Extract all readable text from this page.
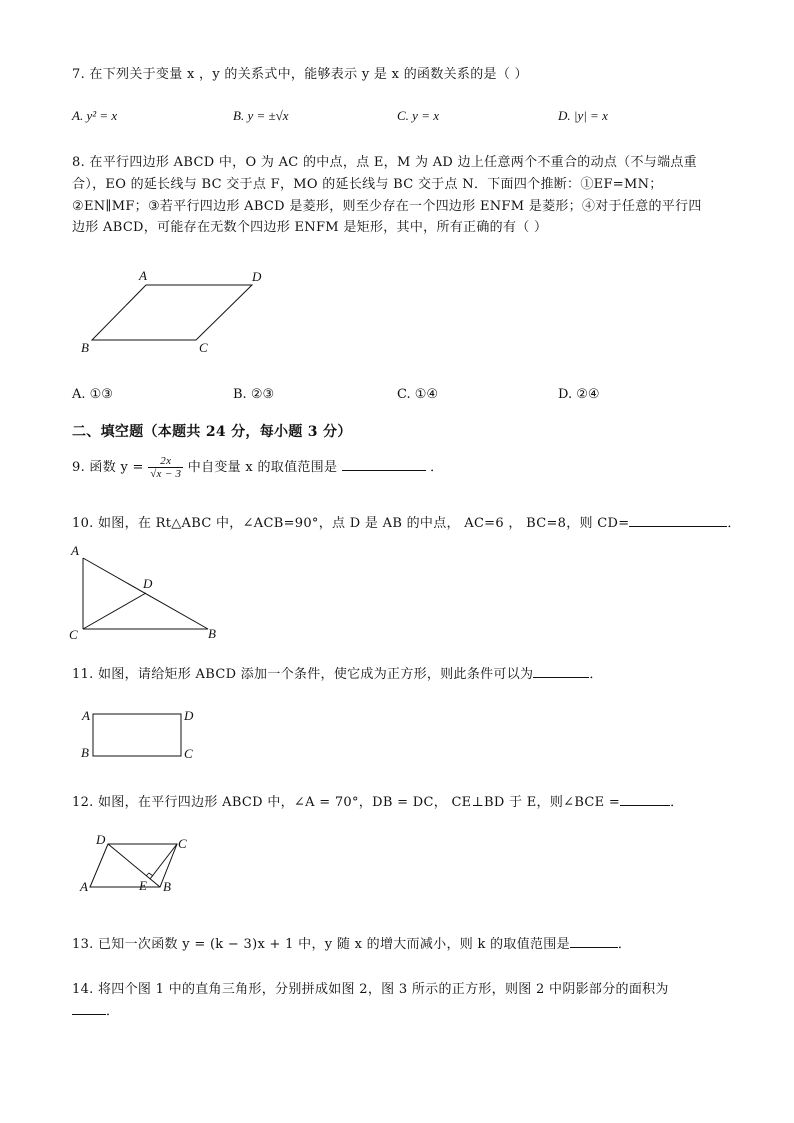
7. 在下列关于变量 x ，y 的关系式中，能够表示 y 是 x 的函数关系的是（ ）
A. y² = x	B. y = ±√x	C. y = x	D. |y| = x
8. 在平行四边形 ABCD 中，O 为 AC 的中点，点 E，M 为 AD 边上任意两个不重合的动点（不与端点重
合），EO 的延长线与 BC 交于点 F，MO 的延长线与 BC 交于点 N．下面四个推断：①EF=MN；
②EN∥MF；③若平行四边形 ABCD 是菱形，则至少存在一个四边形 ENFM 是菱形；④对于任意的平行四
边形 ABCD，可能存在无数个四边形 ENFM 是矩形，其中，所有正确的有（ ）
A	D
B	C
A. ①③	B. ②③	C. ①④	D. ②④
二、填空题（本题共 24 分，每小题 3 分）
9. 函数 $y = \frac{2x}{√x - 3}$ 中自变量 x 的取值范围是	．
10. 如图，在 Rt△ABC 中，∠ACB=90°，点 D 是 AB 的中点， AC=6 ， BC=8，则 CD=	．
A
D
C	B
11. 如图，请给矩形 ABCD 添加一个条件，使它成为正方形，则此条件可以为	．
A	D
B	C
12. 如图，在平行四边形 ABCD 中，∠A = 70°，DB = DC， CE⊥BD 于 E，则∠BCE =	．
D	C
A	E B
13. 已知一次函数 y = (k − 3)x + 1 中，y 随 x 的增大而减小，则 k 的取值范围是	．
14. 将四个图 1 中的直角三角形，分别拼成如图 2，图 3 所示的正方形，则图 2 中阴影部分的面积为
．
